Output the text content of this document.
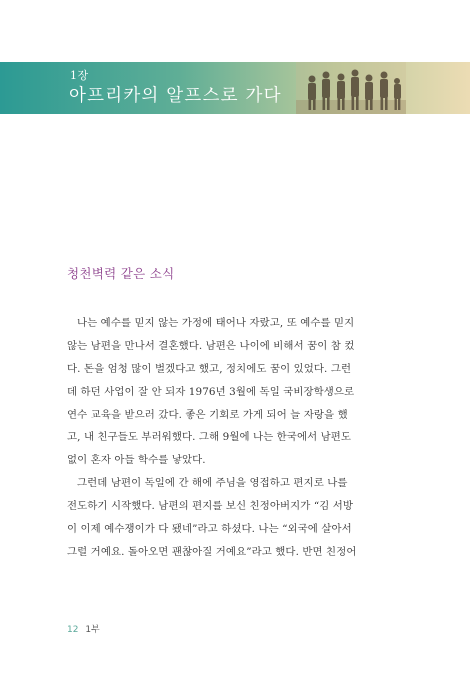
1장
아프리카의 알프스로 가다
청천벽력 같은 소식
나는 예수를 믿지 않는 가정에 태어나 자랐고, 또 예수를 믿지
않는 남편을 만나서 결혼했다. 남편은 나이에 비해서 꿈이 참 컸
다. 돈을 엄청 많이 벌겠다고 했고, 정치에도 꿈이 있었다. 그런
데 하던 사업이 잘 안 되자 1976년 3월에 독일 국비장학생으로
연수 교육을 받으러 갔다. 좋은 기회로 가게 되어 늘 자랑을 했
고, 내 친구들도 부러워했다. 그해 9월에 나는 한국에서 남편도
없이 혼자 아들 학수를 낳았다.
그런데 남편이 독일에 간 해에 주님을 영접하고 편지로 나를
전도하기 시작했다. 남편의 편지를 보신 친정아버지가 “김 서방
이 이제 예수쟁이가 다 됐네”라고 하셨다. 나는 “외국에 살아서
그럴 거예요. 돌아오면 괜찮아질 거예요”라고 했다. 반면 친정어
12 1부
